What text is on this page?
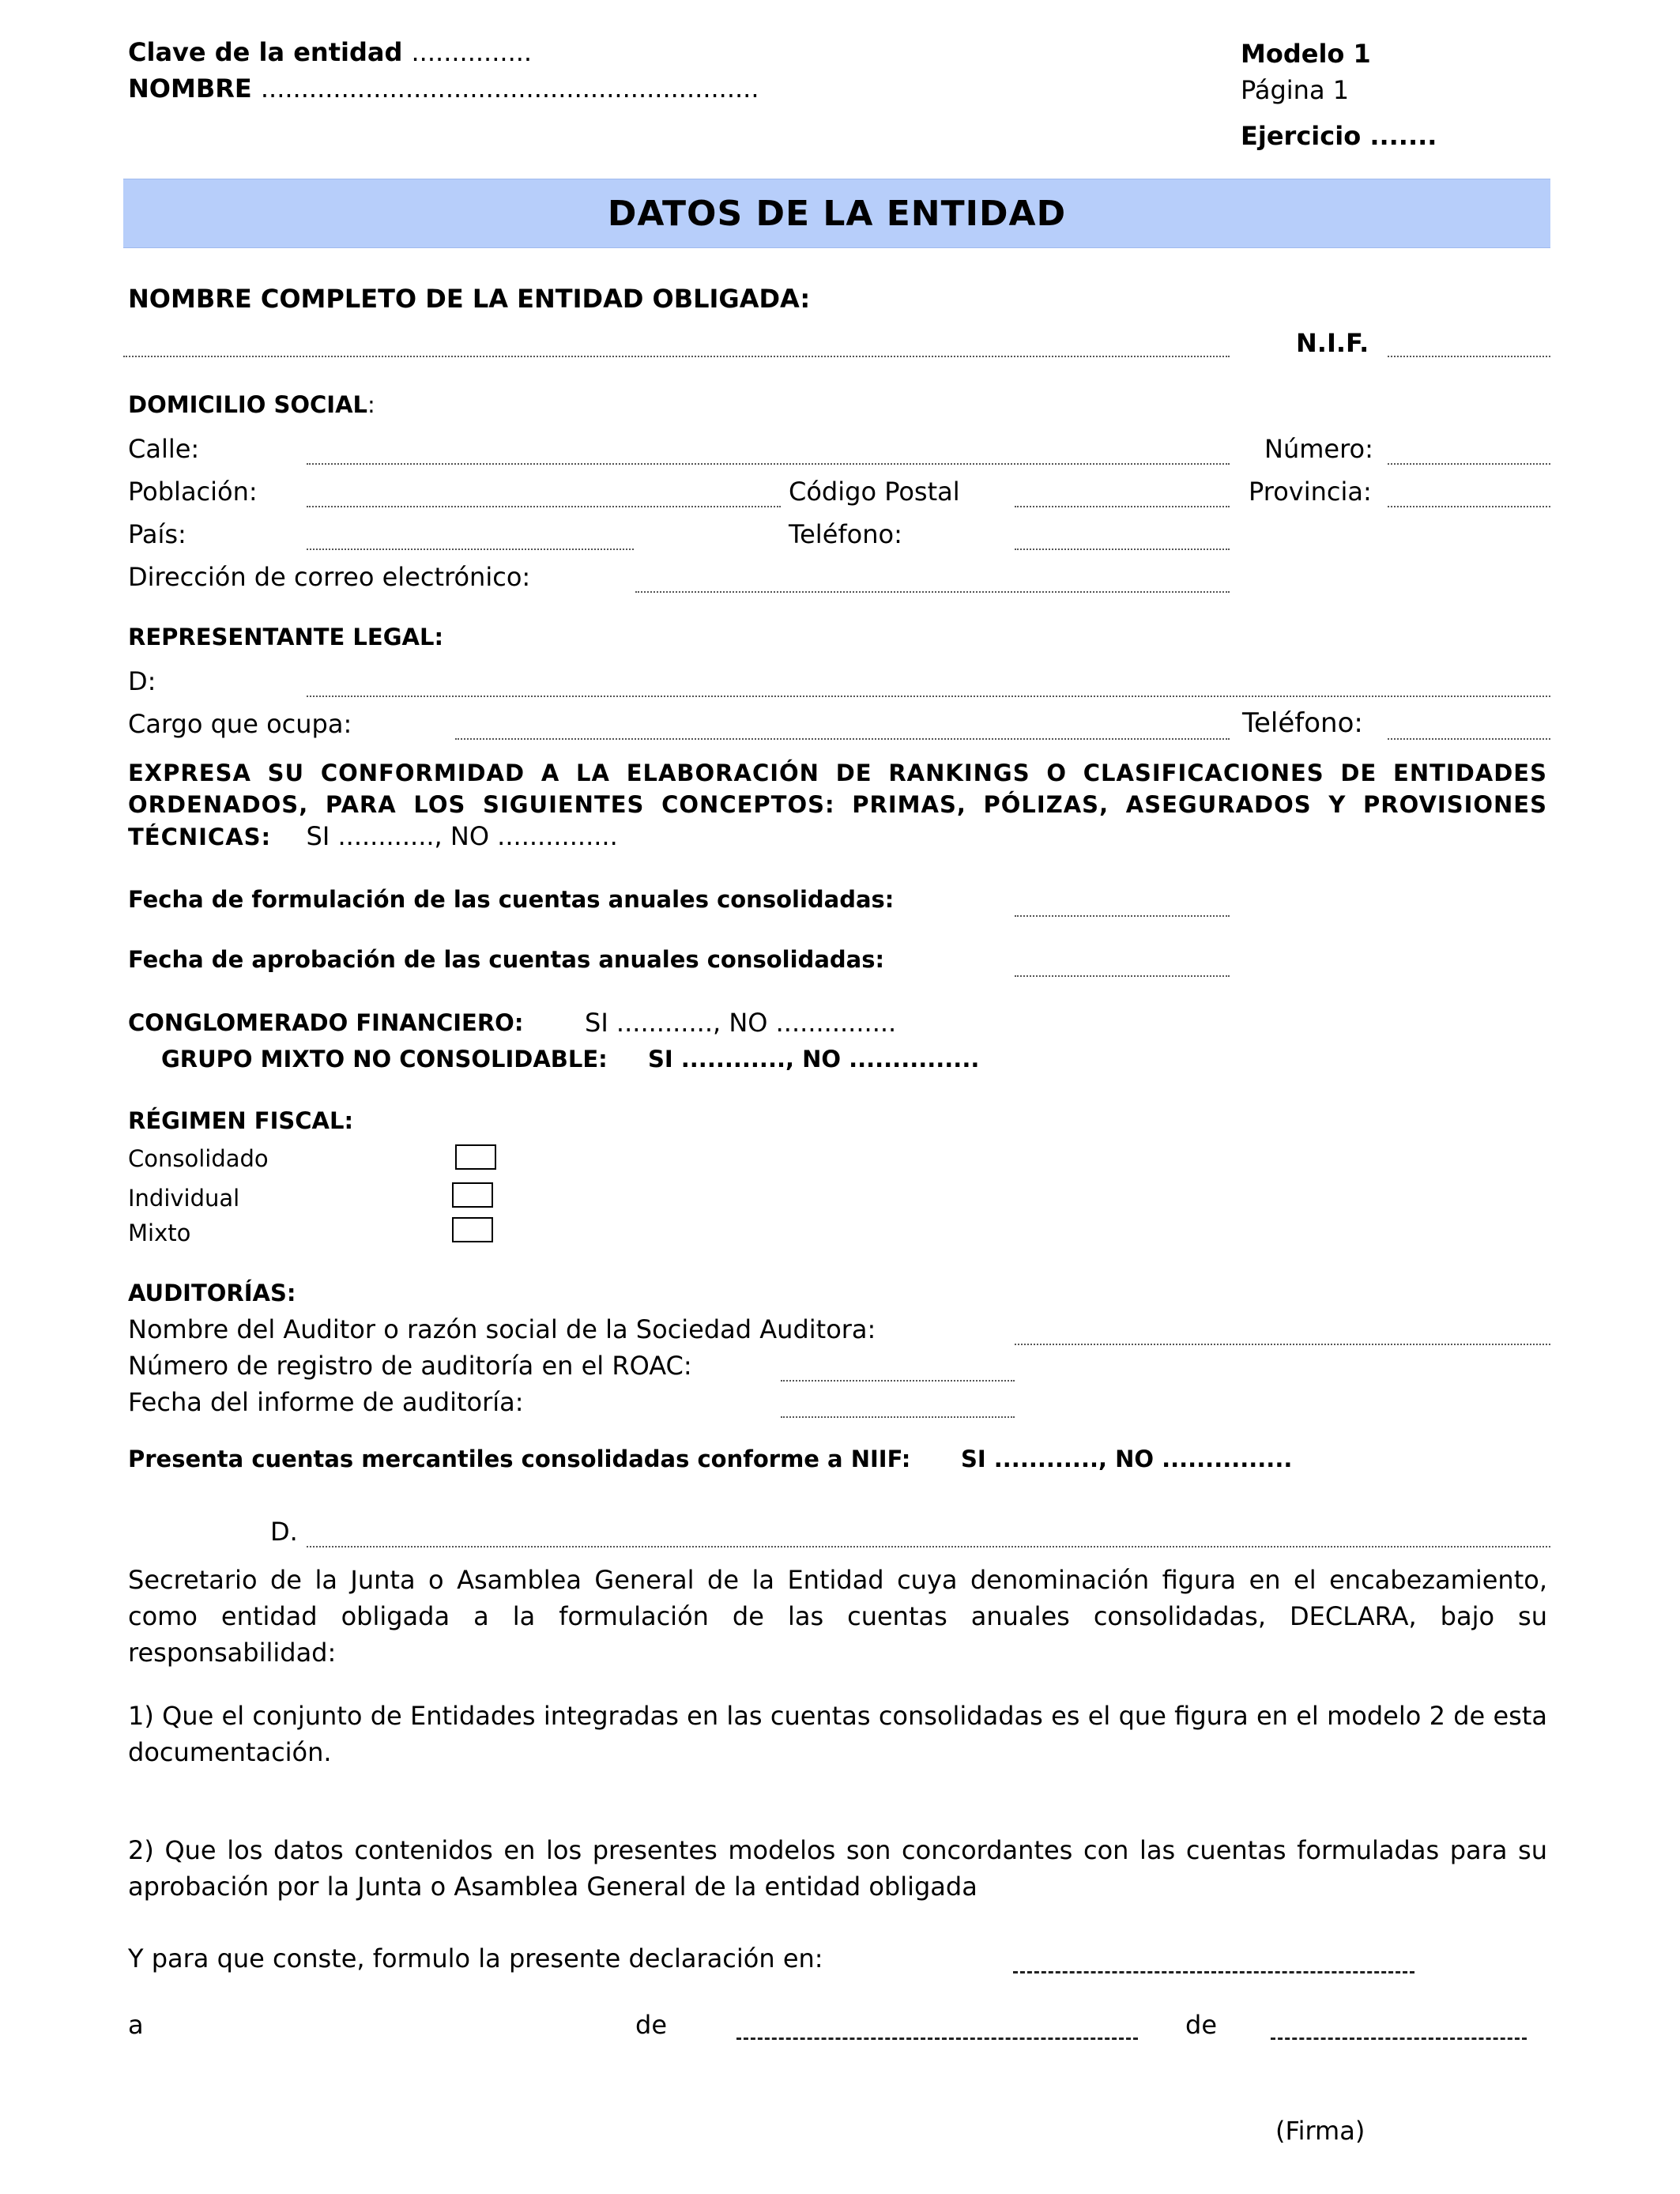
Clave de la entidad ...............
NOMBRE ..............................................................
Modelo 1
Página 1
Ejercicio .......
DATOS DE LA ENTIDAD
NOMBRE COMPLETO DE LA ENTIDAD OBLIGADA:
N.I.F.
DOMICILIO SOCIAL:
Calle:	Número:
Población:	Código Postal	Provincia:
País:	Teléfono:
Dirección de correo electrónico:
REPRESENTANTE LEGAL:
D:
Cargo que ocupa:	Teléfono:
EXPRESA SU CONFORMIDAD A LA ELABORACIÓN DE RANKINGS O CLASIFICACIONES DE ENTIDADES ORDENADOS, PARA LOS SIGUIENTES CONCEPTOS: PRIMAS, PÓLIZAS, ASEGURADOS Y PROVISIONES TÉCNICAS: SI ............, NO ...............
Fecha de formulación de las cuentas anuales consolidadas:
Fecha de aprobación de las cuentas anuales consolidadas:
CONGLOMERADO FINANCIERO: SI ............, NO ...............
GRUPO MIXTO NO CONSOLIDABLE: SI ............, NO ...............
RÉGIMEN FISCAL:
Consolidado
Individual
Mixto
AUDITORÍAS:
Nombre del Auditor o razón social de la Sociedad Auditora:
Número de registro de auditoría en el ROAC:
Fecha del informe de auditoría:
Presenta cuentas mercantiles consolidadas conforme a NIIF: SI ............, NO ...............
D.
Secretario de la Junta o Asamblea General de la Entidad cuya denominación figura en el encabezamiento, como entidad obligada a la formulación de las cuentas anuales consolidadas, DECLARA, bajo su responsabilidad:
1) Que el conjunto de Entidades integradas en las cuentas consolidadas es el que figura en el modelo 2 de esta documentación.
2) Que los datos contenidos en los presentes modelos son concordantes con las cuentas formuladas para su aprobación por la Junta o Asamblea General de la entidad obligada
Y para que conste, formulo la presente declaración en:
a	de	de
(Firma)
